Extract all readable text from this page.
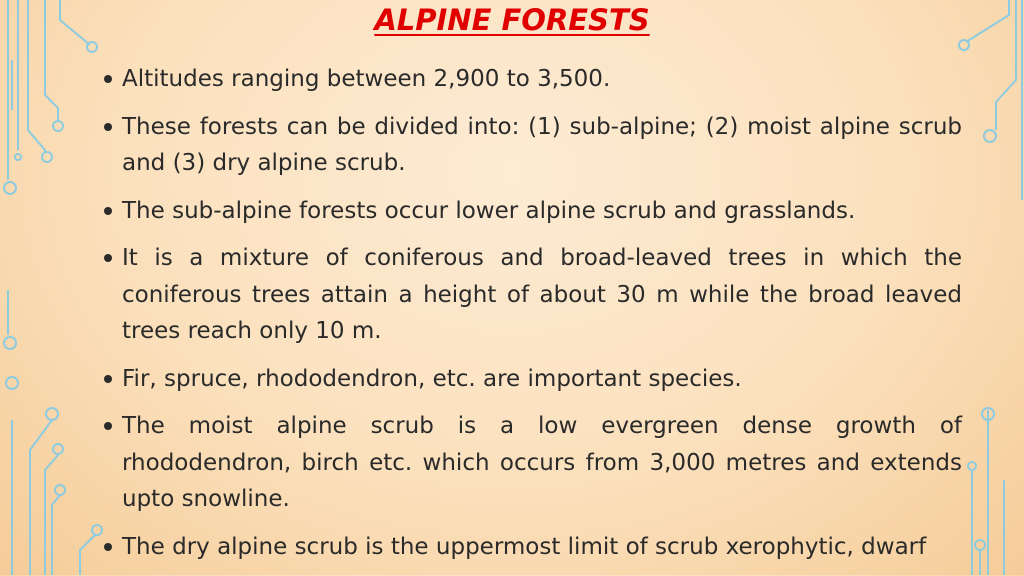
ALPINE FORESTS
Altitudes ranging between 2,900 to 3,500.
These forests can be divided into: (1) sub-alpine; (2) moist alpine scrub and (3) dry alpine scrub.
The sub-alpine forests occur lower alpine scrub and grasslands.
It is a mixture of coniferous and broad-leaved trees in which the coniferous trees attain a height of about 30 m while the broad leaved trees reach only 10 m.
Fir, spruce, rhododendron, etc. are important species.
The moist alpine scrub is a low evergreen dense growth of rhododendron, birch etc. which occurs from 3,000 metres and extends upto snowline.
The dry alpine scrub is the uppermost limit of scrub xerophytic, dwarf
